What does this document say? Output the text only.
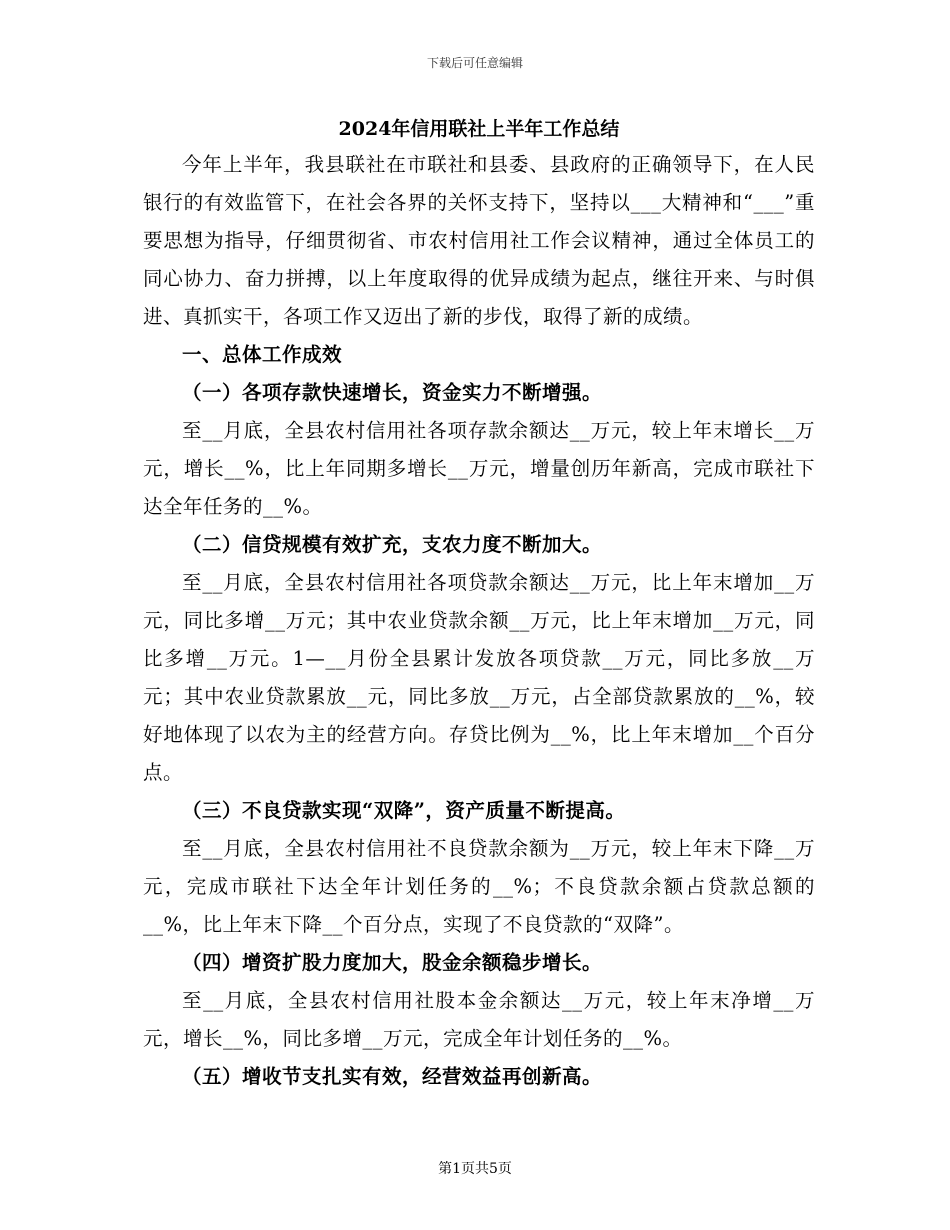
下载后可任意编辑
2024年信用联社上半年工作总结

今年上半年，我县联社在市联社和县委、县政府的正确领导下，在人民银行的有效监管下，在社会各界的关怀支持下，坚持以___大精神和“___”重要思想为指导，仔细贯彻省、市农村信用社工作会议精神，通过全体员工的同心协力、奋力拼搏，以上年度取得的优异成绩为起点，继往开来、与时俱进、真抓实干，各项工作又迈出了新的步伐，取得了新的成绩。

一、总体工作成效

（一）各项存款快速增长，资金实力不断增强。

至__月底，全县农村信用社各项存款余额达__万元，较上年末增长__万元，增长__%，比上年同期多增长__万元，增量创历年新高，完成市联社下达全年任务的__%。

（二）信贷规模有效扩充，支农力度不断加大。

至__月底，全县农村信用社各项贷款余额达__万元，比上年末增加__万元，同比多增__万元；其中农业贷款余额__万元，比上年末增加__万元，同比多增__万元。1—__月份全县累计发放各项贷款__万元，同比多放__万元；其中农业贷款累放__元，同比多放__万元，占全部贷款累放的__%，较好地体现了以农为主的经营方向。存贷比例为__%，比上年末增加__个百分点。

（三）不良贷款实现“双降”，资产质量不断提高。

至__月底，全县农村信用社不良贷款余额为__万元，较上年末下降__万元，完成市联社下达全年计划任务的__%；不良贷款余额占贷款总额的__%，比上年末下降__个百分点，实现了不良贷款的“双降”。

（四）增资扩股力度加大，股金余额稳步增长。

至__月底，全县农村信用社股本金余额达__万元，较上年末净增__万元，增长__%，同比多增__万元，完成全年计划任务的__%。

（五）增收节支扎实有效，经营效益再创新高。

第1页共5页
